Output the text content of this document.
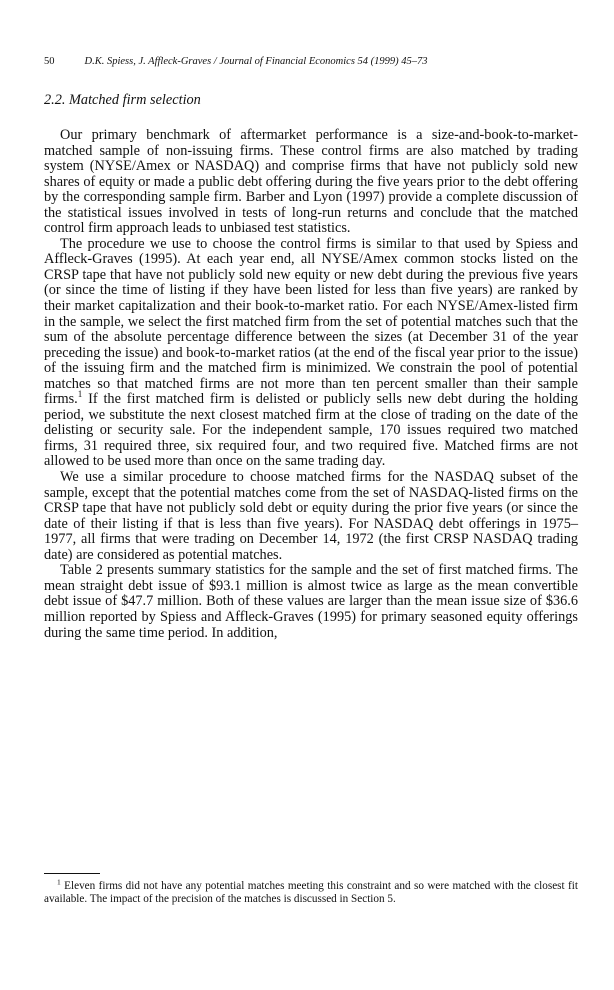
50	D.K. Spiess, J. Affleck-Graves / Journal of Financial Economics 54 (1999) 45–73
2.2. Matched firm selection

Our primary benchmark of aftermarket performance is a size-and-book-to-market-matched sample of non-issuing firms. These control firms are also matched by trading system (NYSE/Amex or NASDAQ) and comprise firms that have not publicly sold new shares of equity or made a public debt offering during the five years prior to the debt offering by the corresponding sample firm. Barber and Lyon (1997) provide a complete discussion of the statistical issues involved in tests of long-run returns and conclude that the matched control firm approach leads to unbiased test statistics.

The procedure we use to choose the control firms is similar to that used by Spiess and Affleck-Graves (1995). At each year end, all NYSE/Amex common stocks listed on the CRSP tape that have not publicly sold new equity or new debt during the previous five years (or since the time of listing if they have been listed for less than five years) are ranked by their market capitalization and their book-to-market ratio. For each NYSE/Amex-listed firm in the sample, we select the first matched firm from the set of potential matches such that the sum of the absolute percentage difference between the sizes (at December 31 of the year preceding the issue) and book-to-market ratios (at the end of the fiscal year prior to the issue) of the issuing firm and the matched firm is minimized. We constrain the pool of potential matches so that matched firms are not more than ten percent smaller than their sample firms.$^1$ If the first matched firm is delisted or publicly sells new debt during the holding period, we substitute the next closest matched firm at the close of trading on the date of the delisting or security sale. For the independent sample, 170 issues required two matched firms, 31 required three, six required four, and two required five. Matched firms are not allowed to be used more than once on the same trading day.

We use a similar procedure to choose matched firms for the NASDAQ subset of the sample, except that the potential matches come from the set of NASDAQ-listed firms on the CRSP tape that have not publicly sold debt or equity during the prior five years (or since the date of their listing if that is less than five years). For NASDAQ debt offerings in 1975–1977, all firms that were trading on December 14, 1972 (the first CRSP NASDAQ trading date) are considered as potential matches.

Table 2 presents summary statistics for the sample and the set of first matched firms. The mean straight debt issue of $93.1 million is almost twice as large as the mean convertible debt issue of $47.7 million. Both of these values are larger than the mean issue size of $36.6 million reported by Spiess and Affleck-Graves (1995) for primary seasoned equity offerings during the same time period. In addition,

$^1$ Eleven firms did not have any potential matches meeting this constraint and so were matched with the closest fit available. The impact of the precision of the matches is discussed in Section 5.
